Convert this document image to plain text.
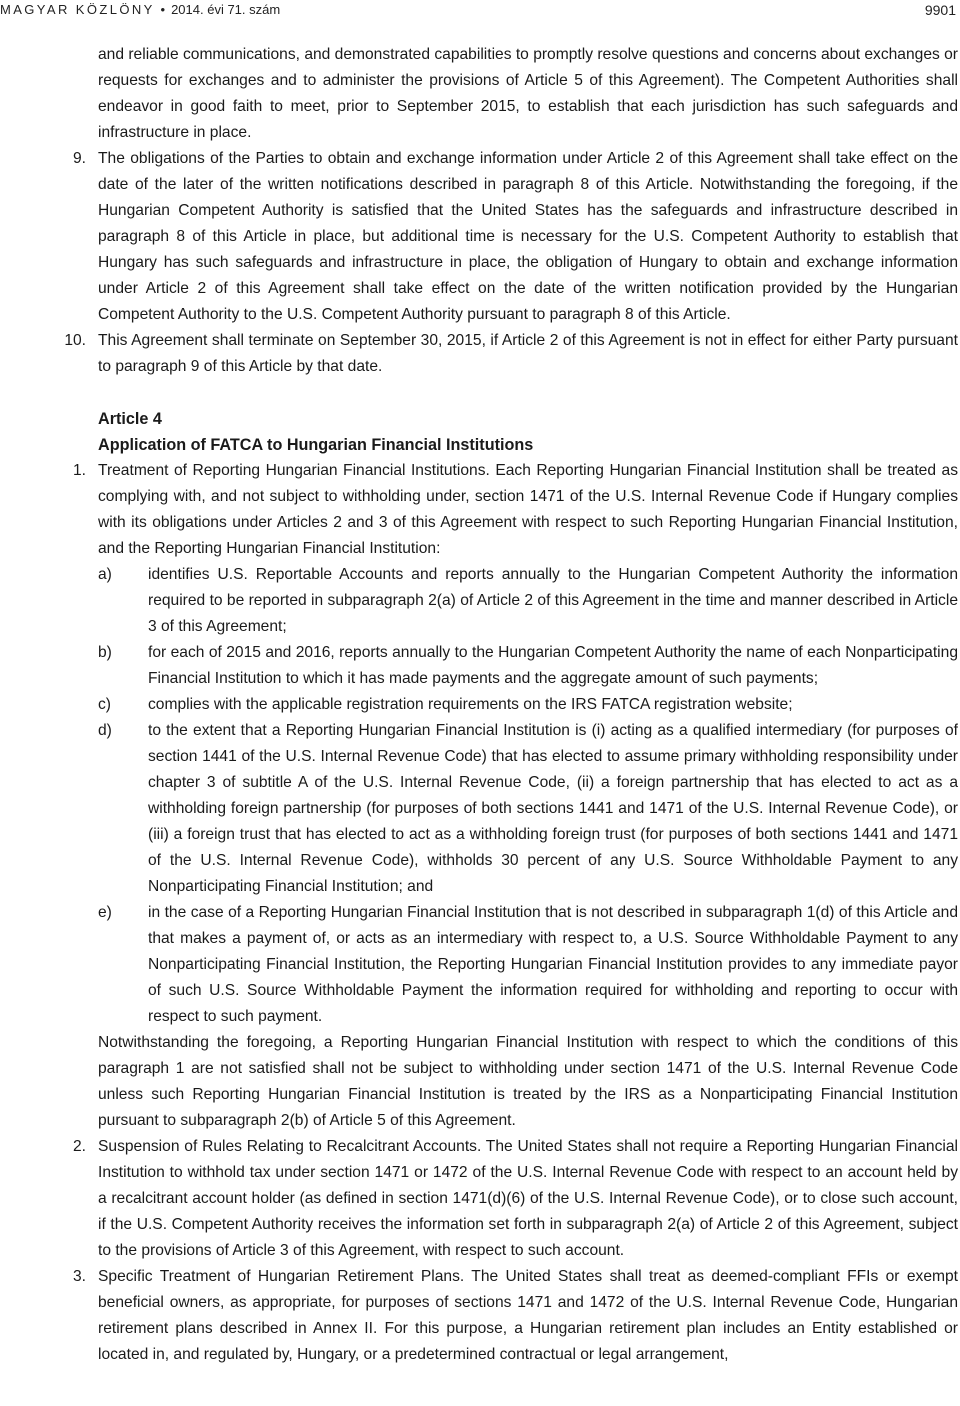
MAGYAR KÖZLÖNY • 2014. évi 71. szám	9901

and reliable communications, and demonstrated capabilities to promptly resolve questions and concerns about exchanges or requests for exchanges and to administer the provisions of Article 5 of this Agreement). The Competent Authorities shall endeavor in good faith to meet, prior to September 2015, to establish that each jurisdiction has such safeguards and infrastructure in place.

9. The obligations of the Parties to obtain and exchange information under Article 2 of this Agreement shall take effect on the date of the later of the written notifications described in paragraph 8 of this Article. Notwithstanding the foregoing, if the Hungarian Competent Authority is satisfied that the United States has the safeguards and infrastructure described in paragraph 8 of this Article in place, but additional time is necessary for the U.S. Competent Authority to establish that Hungary has such safeguards and infrastructure in place, the obligation of Hungary to obtain and exchange information under Article 2 of this Agreement shall take effect on the date of the written notification provided by the Hungarian Competent Authority to the U.S. Competent Authority pursuant to paragraph 8 of this Article.
10. This Agreement shall terminate on September 30, 2015, if Article 2 of this Agreement is not in effect for either Party pursuant to paragraph 9 of this Article by that date.

Article 4

Application of FATCA to Hungarian Financial Institutions

1. Treatment of Reporting Hungarian Financial Institutions. Each Reporting Hungarian Financial Institution shall be treated as complying with, and not subject to withholding under, section 1471 of the U.S. Internal Revenue Code if Hungary complies with its obligations under Articles 2 and 3 of this Agreement with respect to such Reporting Hungarian Financial Institution, and the Reporting Hungarian Financial Institution:
a) identifies U.S. Reportable Accounts and reports annually to the Hungarian Competent Authority the information required to be reported in subparagraph 2(a) of Article 2 of this Agreement in the time and manner described in Article 3 of this Agreement;
b) for each of 2015 and 2016, reports annually to the Hungarian Competent Authority the name of each Nonparticipating Financial Institution to which it has made payments and the aggregate amount of such payments;
c) complies with the applicable registration requirements on the IRS FATCA registration website;
d) to the extent that a Reporting Hungarian Financial Institution is (i) acting as a qualified intermediary (for purposes of section 1441 of the U.S. Internal Revenue Code) that has elected to assume primary withholding responsibility under chapter 3 of subtitle A of the U.S. Internal Revenue Code, (ii) a foreign partnership that has elected to act as a withholding foreign partnership (for purposes of both sections 1441 and 1471 of the U.S. Internal Revenue Code), or (iii) a foreign trust that has elected to act as a withholding foreign trust (for purposes of both sections 1441 and 1471 of the U.S. Internal Revenue Code), withholds 30 percent of any U.S. Source Withholdable Payment to any Nonparticipating Financial Institution; and
e) in the case of a Reporting Hungarian Financial Institution that is not described in subparagraph 1(d) of this Article and that makes a payment of, or acts as an intermediary with respect to, a U.S. Source Withholdable Payment to any Nonparticipating Financial Institution, the Reporting Hungarian Financial Institution provides to any immediate payor of such U.S. Source Withholdable Payment the information required for withholding and reporting to occur with respect to such payment.

Notwithstanding the foregoing, a Reporting Hungarian Financial Institution with respect to which the conditions of this paragraph 1 are not satisfied shall not be subject to withholding under section 1471 of the U.S. Internal Revenue Code unless such Reporting Hungarian Financial Institution is treated by the IRS as a Nonparticipating Financial Institution pursuant to subparagraph 2(b) of Article 5 of this Agreement.

2. Suspension of Rules Relating to Recalcitrant Accounts. The United States shall not require a Reporting Hungarian Financial Institution to withhold tax under section 1471 or 1472 of the U.S. Internal Revenue Code with respect to an account held by a recalcitrant account holder (as defined in section 1471(d)(6) of the U.S. Internal Revenue Code), or to close such account, if the U.S. Competent Authority receives the information set forth in subparagraph 2(a) of Article 2 of this Agreement, subject to the provisions of Article 3 of this Agreement, with respect to such account.
3. Specific Treatment of Hungarian Retirement Plans. The United States shall treat as deemed-compliant FFIs or exempt beneficial owners, as appropriate, for purposes of sections 1471 and 1472 of the U.S. Internal Revenue Code, Hungarian retirement plans described in Annex II. For this purpose, a Hungarian retirement plan includes an Entity established or located in, and regulated by, Hungary, or a predetermined contractual or legal arrangement,
